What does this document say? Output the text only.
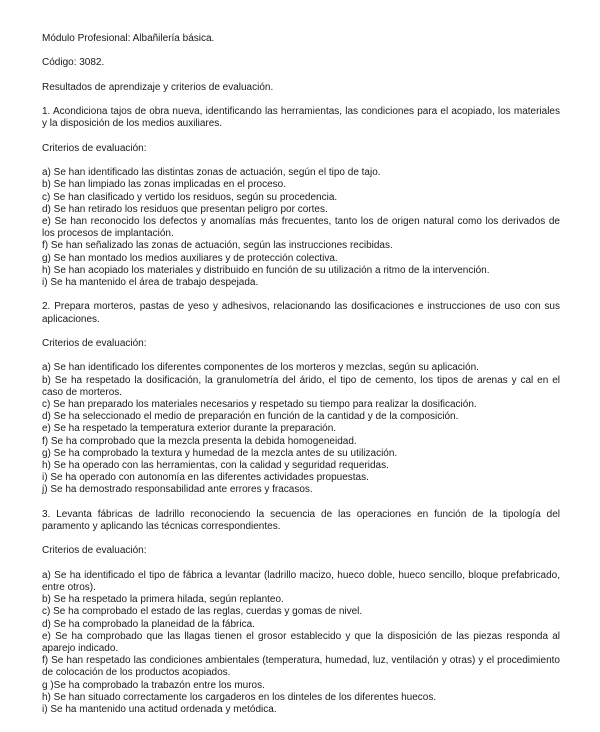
Módulo Profesional: Albañilería básica.

Código: 3082.

Resultados de aprendizaje y criterios de evaluación.

1. Acondiciona tajos de obra nueva, identificando las herramientas, las condiciones para el acopiado, los materiales y la disposición de los medios auxiliares.

Criterios de evaluación:

a) Se han identificado las distintas zonas de actuación, según el tipo de tajo.
b) Se han limpiado las zonas implicadas en el proceso.
c) Se han clasificado y vertido los residuos, según su procedencia.
d) Se han retirado los residuos que presentan peligro por cortes.
e) Se han reconocido los defectos y anomalías más frecuentes, tanto los de origen natural como los derivados de los procesos de implantación.
f) Se han señalizado las zonas de actuación, según las instrucciones recibidas.
g) Se han montado los medios auxiliares y de protección colectiva.
h) Se han acopiado los materiales y distribuido en función de su utilización a ritmo de la intervención.
i) Se ha mantenido el área de trabajo despejada.

2. Prepara morteros, pastas de yeso y adhesivos, relacionando las dosificaciones e instrucciones de uso con sus aplicaciones.

Criterios de evaluación:

a) Se han identificado los diferentes componentes de los morteros y mezclas, según su aplicación.
b) Se ha respetado la dosificación, la granulometría del árido, el tipo de cemento, los tipos de arenas y cal en el caso de morteros.
c) Se han preparado los materiales necesarios y respetado su tiempo para realizar la dosificación.
d) Se ha seleccionado el medio de preparación en función de la cantidad y de la composición.
e) Se ha respetado la temperatura exterior durante la preparación.
f) Se ha comprobado que la mezcla presenta la debida homogeneidad.
g) Se ha comprobado la textura y humedad de la mezcla antes de su utilización.
h) Se ha operado con las herramientas, con la calidad y seguridad requeridas.
i) Se ha operado con autonomía en las diferentes actividades propuestas.
j) Se ha demostrado responsabilidad ante errores y fracasos.

3. Levanta fábricas de ladrillo reconociendo la secuencia de las operaciones en función de la tipología del paramento y aplicando las técnicas correspondientes.

Criterios de evaluación:

a) Se ha identificado el tipo de fábrica a levantar (ladrillo macizo, hueco doble, hueco sencillo, bloque prefabricado, entre otros).
b) Se ha respetado la primera hilada, según replanteo.
c) Se ha comprobado el estado de las reglas, cuerdas y gomas de nivel.
d) Se ha comprobado la planeidad de la fábrica.
e) Se ha comprobado que las llagas tienen el grosor establecido y que la disposición de las piezas responda al aparejo indicado.
f) Se han respetado las condiciones ambientales (temperatura, humedad, luz, ventilación y otras) y el procedimiento de colocación de los productos acopiados.
g )Se ha comprobado la trabazón entre los muros.
h) Se han situado correctamente los cargaderos en los dinteles de los diferentes huecos.
i) Se ha mantenido una actitud ordenada y metódica.
